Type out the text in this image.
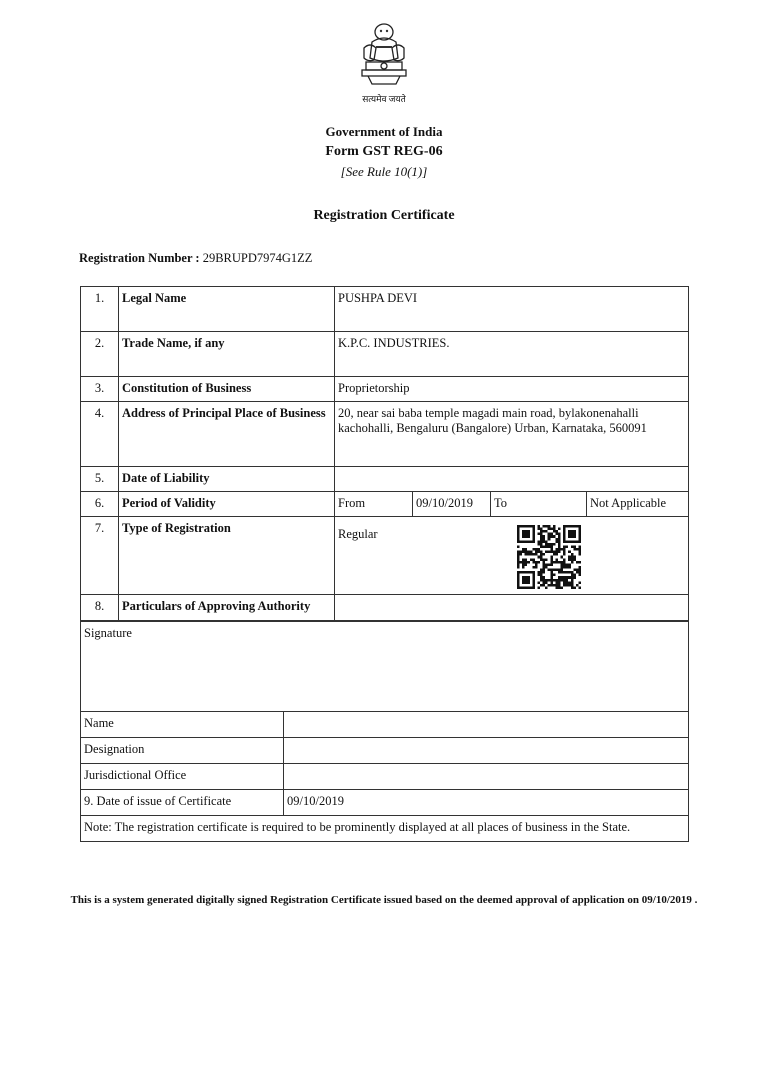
सत्यमेव जयते
Government of India
Form GST REG-06
[See Rule 10(1)]
Registration Certificate
Registration Number : 29BRUPD7974G1ZZ
1.	Legal Name	PUSHPA DEVI			
2.	Trade Name, if any	K.P.C. INDUSTRIES.			
3.	Constitution of Business	Proprietorship			
4.	Address of Principal Place of Business	20, near sai baba temple magadi main road, bylakonenahalli kachohalli, Bengaluru (Bangalore) Urban, Karnataka, 560091			
5.	Date of Liability				
6.	Period of Validity	From	09/10/2019	To	Not Applicable
7.	Type of Registration	Regular			
8.	Particulars of Approving Authority				
Signature	
Name	
Designation	
Jurisdictional Office	
9. Date of issue of Certificate	09/10/2019
Note: The registration certificate is required to be prominently displayed at all places of business in the State.	
This is a system generated digitally signed Registration Certificate issued based on the deemed approval of application on 09/10/2019 .
